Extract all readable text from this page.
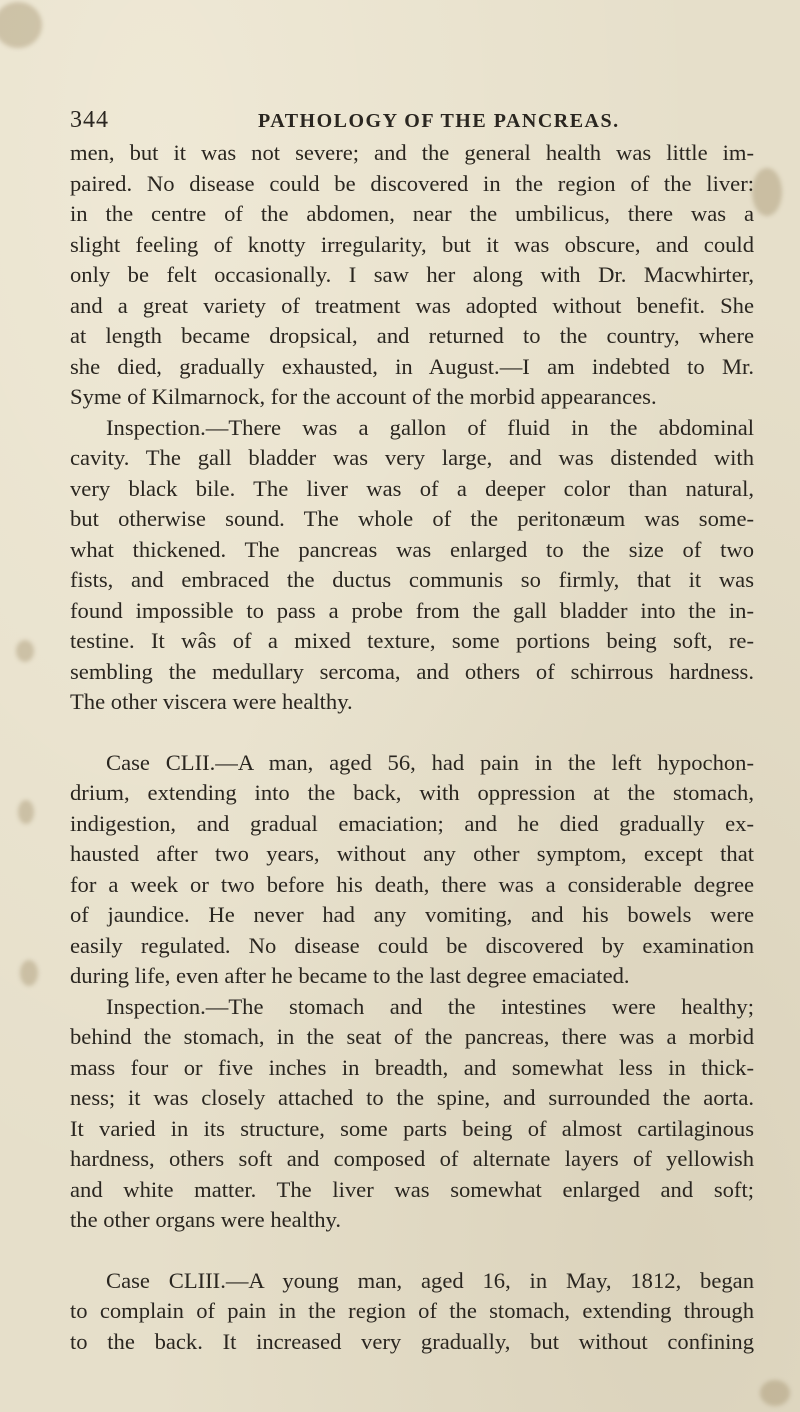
344	PATHOLOGY OF THE PANCREAS.
men, but it was not severe; and the general health was little im-
paired. No disease could be discovered in the region of the liver:
in the centre of the abdomen, near the umbilicus, there was a
slight feeling of knotty irregularity, but it was obscure, and could
only be felt occasionally. I saw her along with Dr. Macwhirter,
and a great variety of treatment was adopted without benefit. She
at length became dropsical, and returned to the country, where
she died, gradually exhausted, in August.—I am indebted to Mr.
Syme of Kilmarnock, for the account of the morbid appearances.
Inspection.—There was a gallon of fluid in the abdominal
cavity. The gall bladder was very large, and was distended with
very black bile. The liver was of a deeper color than natural,
but otherwise sound. The whole of the peritonæum was some-
what thickened. The pancreas was enlarged to the size of two
fists, and embraced the ductus communis so firmly, that it was
found impossible to pass a probe from the gall bladder into the in-
testine. It wâs of a mixed texture, some portions being soft, re-
sembling the medullary sercoma, and others of schirrous hardness.
The other viscera were healthy.
Case CLII.—A man, aged 56, had pain in the left hypochon-
drium, extending into the back, with oppression at the stomach,
indigestion, and gradual emaciation; and he died gradually ex-
hausted after two years, without any other symptom, except that
for a week or two before his death, there was a considerable degree
of jaundice. He never had any vomiting, and his bowels were
easily regulated. No disease could be discovered by examination
during life, even after he became to the last degree emaciated.
Inspection.—The stomach and the intestines were healthy;
behind the stomach, in the seat of the pancreas, there was a morbid
mass four or five inches in breadth, and somewhat less in thick-
ness; it was closely attached to the spine, and surrounded the aorta.
It varied in its structure, some parts being of almost cartilaginous
hardness, others soft and composed of alternate layers of yellowish
and white matter. The liver was somewhat enlarged and soft;
the other organs were healthy.
Case CLIII.—A young man, aged 16, in May, 1812, began
to complain of pain in the region of the stomach, extending through
to the back. It increased very gradually, but without confining
